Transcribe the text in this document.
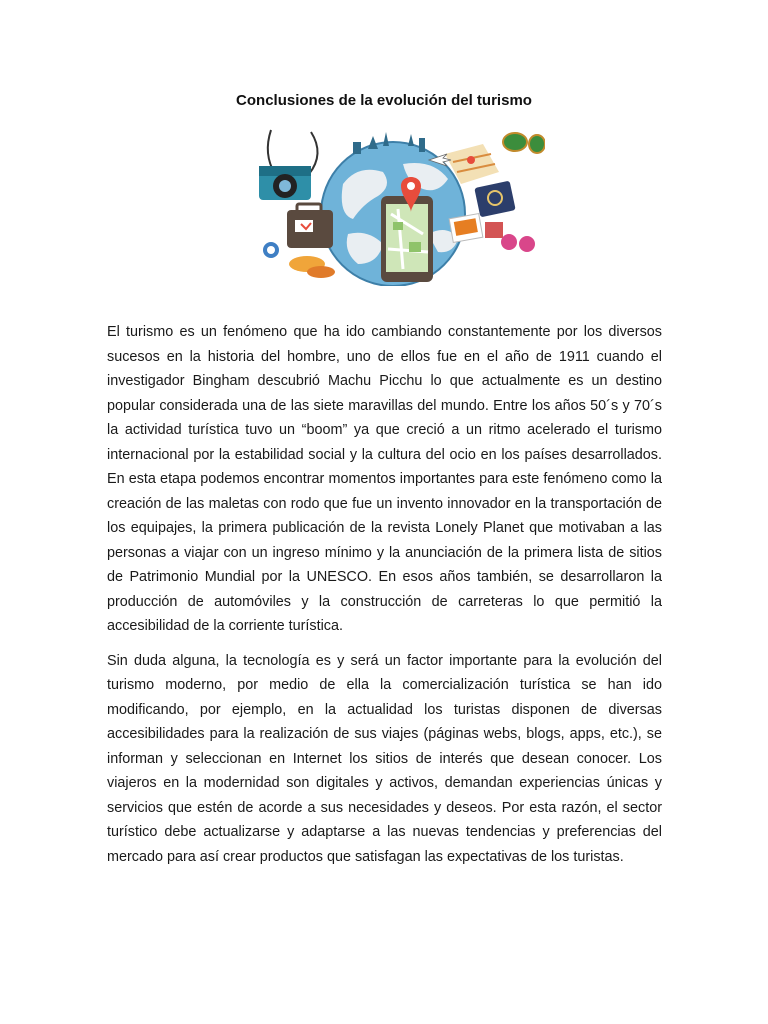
Conclusiones de la evolución del turismo

El turismo es un fenómeno que ha ido cambiando constantemente por los diversos sucesos en la historia del hombre, uno de ellos fue en el año de 1911 cuando el investigador Bingham descubrió Machu Picchu lo que actualmente es un destino popular considerada una de las siete maravillas del mundo. Entre los años 50´s y 70´s la actividad turística tuvo un “boom” ya que creció a un ritmo acelerado el turismo internacional por la estabilidad social y la cultura del ocio en los países desarrollados. En esta etapa podemos encontrar momentos importantes para este fenómeno como la creación de las maletas con rodo que fue un invento innovador en la transportación de los equipajes, la primera publicación de la revista Lonely Planet que motivaban a las personas a viajar con un ingreso mínimo y la anunciación de la primera lista de sitios de Patrimonio Mundial por la UNESCO. En esos años también, se desarrollaron la producción de automóviles y la construcción de carreteras lo que permitió la accesibilidad de la corriente turística.

Sin duda alguna, la tecnología es y será un factor importante para la evolución del turismo moderno, por medio de ella la comercialización turística se han ido modificando, por ejemplo, en la actualidad los turistas disponen de diversas accesibilidades para la realización de sus viajes (páginas webs, blogs, apps, etc.), se informan y seleccionan en Internet los sitios de interés que desean conocer. Los viajeros en la modernidad son digitales y activos, demandan experiencias únicas y servicios que estén de acorde a sus necesidades y deseos. Por esta razón, el sector turístico debe actualizarse y adaptarse a las nuevas tendencias y preferencias del mercado para así crear productos que satisfagan las expectativas de los turistas.
